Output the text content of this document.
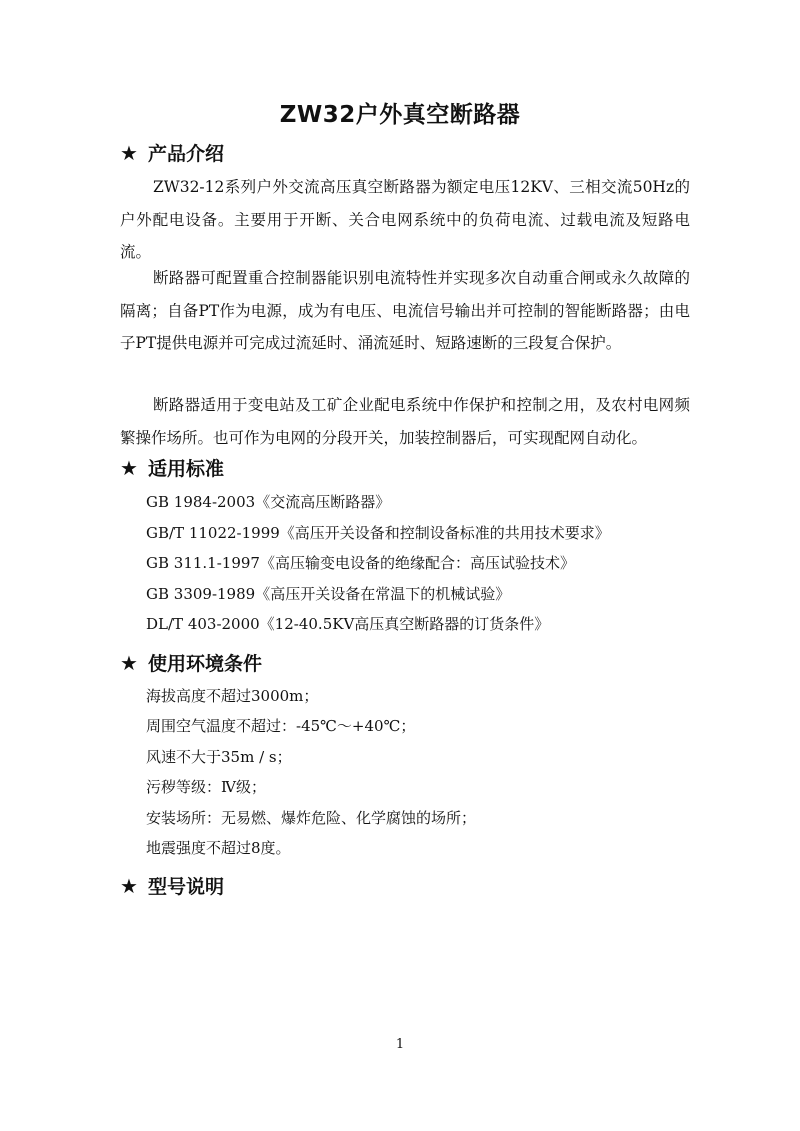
ZW32户外真空断路器
★ 产品介绍

ZW32-12系列户外交流高压真空断路器为额定电压12KV、三相交流50Hz的户外配电设备。主要用于开断、关合电网系统中的负荷电流、过载电流及短路电流。

断路器可配置重合控制器能识别电流特性并实现多次自动重合闸或永久故障的隔离；自备PT作为电源，成为有电压、电流信号输出并可控制的智能断路器；由电子PT提供电源并可完成过流延时、涌流延时、短路速断的三段复合保护。

断路器适用于变电站及工矿企业配电系统中作保护和控制之用，及农村电网频繁操作场所。也可作为电网的分段开关，加装控制器后，可实现配网自动化。

★ 适用标准
GB 1984-2003《交流高压断路器》
GB/T 11022-1999《高压开关设备和控制设备标准的共用技术要求》
GB 311.1-1997《高压输变电设备的绝缘配合：高压试验技术》
GB 3309-1989《高压开关设备在常温下的机械试验》
DL/T 403-2000《12-40.5KV高压真空断路器的订货条件》
★ 使用环境条件
海拔高度不超过3000m；
周围空气温度不超过：-45℃～+40℃；
风速不大于35m / s；
污秽等级：Ⅳ级；
安装场所：无易燃、爆炸危险、化学腐蚀的场所；
地震强度不超过8度。
★ 型号说明
1
